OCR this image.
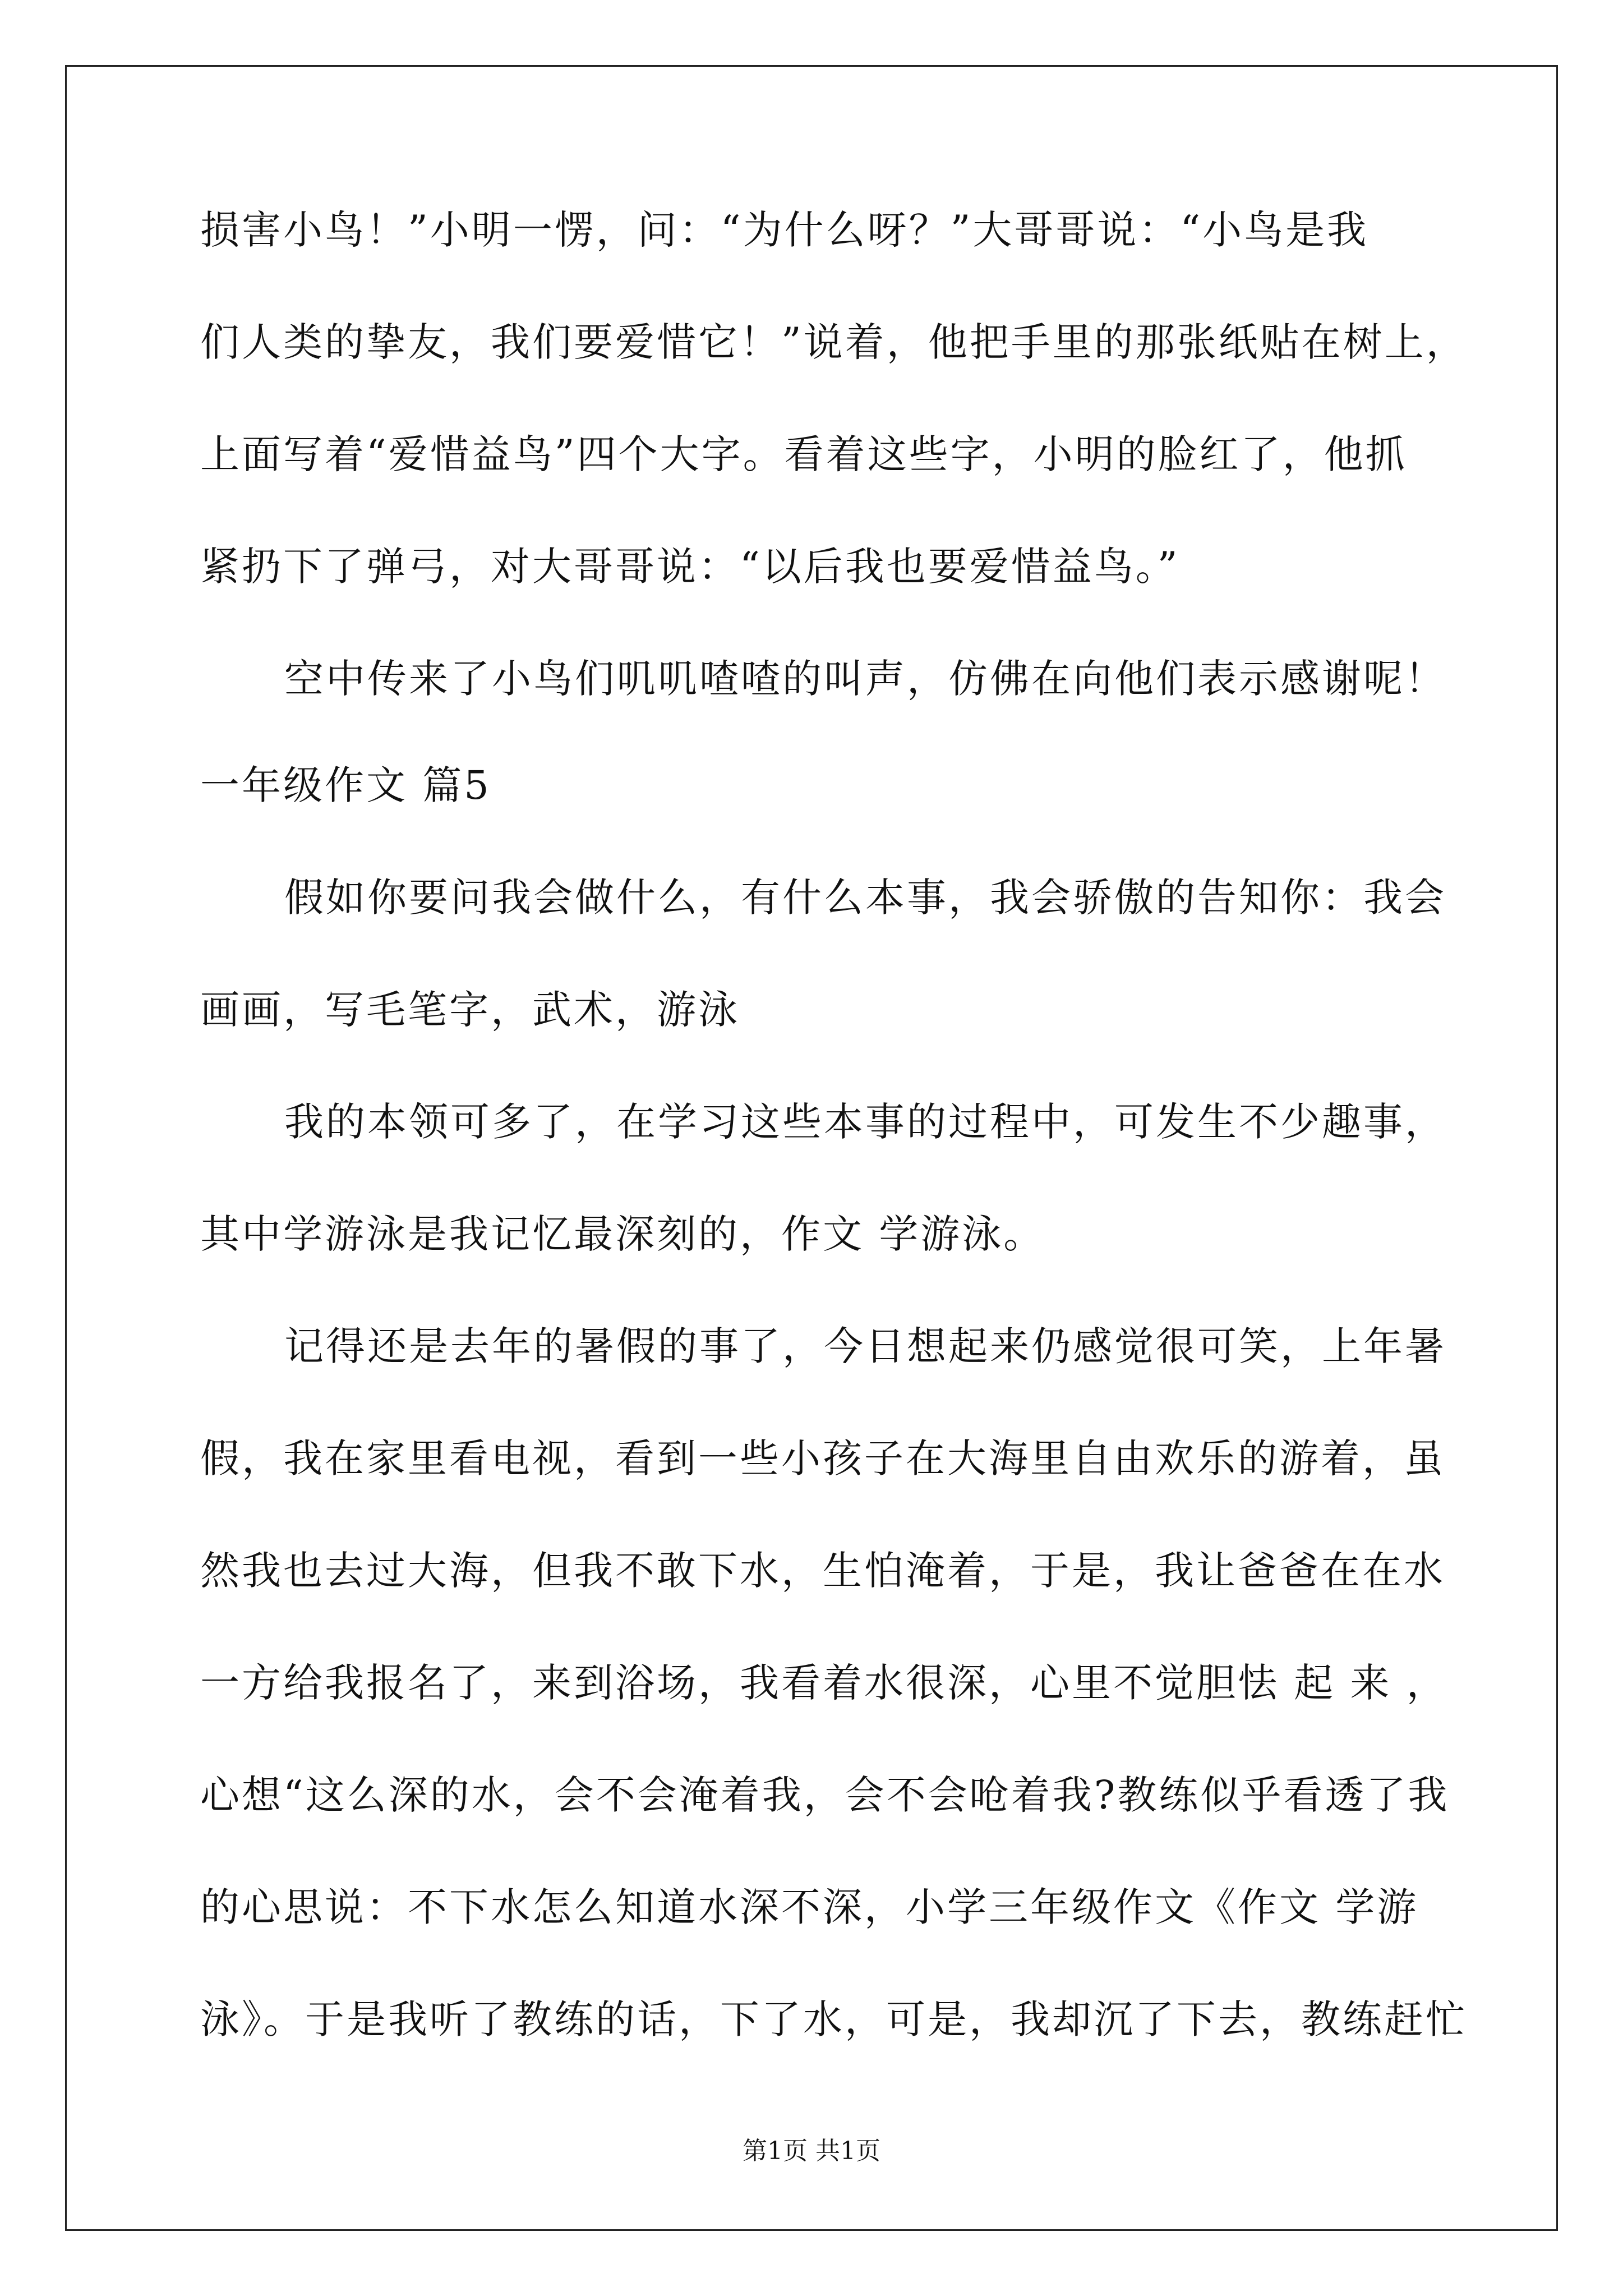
损害小鸟！”小明一愣，问：“为什么呀？”大哥哥说：“小鸟是我
们人类的挚友，我们要爱惜它！”说着，他把手里的那张纸贴在树上，
上面写着“爱惜益鸟”四个大字。看着这些字，小明的脸红了，他抓
紧扔下了弹弓，对大哥哥说：“以后我也要爱惜益鸟。”
空中传来了小鸟们叽叽喳喳的叫声，仿佛在向他们表示感谢呢！
一年级作文 篇5
假如你要问我会做什么，有什么本事，我会骄傲的告知你：我会
画画，写毛笔字，武术，游泳
我的本领可多了，在学习这些本事的过程中，可发生不少趣事，
其中学游泳是我记忆最深刻的，作文 学游泳。
记得还是去年的暑假的事了，今日想起来仍感觉很可笑，上年暑
假，我在家里看电视，看到一些小孩子在大海里自由欢乐的游着，虽
然我也去过大海，但我不敢下水，生怕淹着，于是，我让爸爸在在水
一方给我报名了，来到浴场，我看着水很深，心里不觉胆怯 起 来 ，
心想“这么深的水，会不会淹着我，会不会呛着我?教练似乎看透了我
的心思说：不下水怎么知道水深不深，小学三年级作文《作文 学游
泳》。于是我听了教练的话，下了水，可是，我却沉了下去，教练赶忙
第1页 共1页
